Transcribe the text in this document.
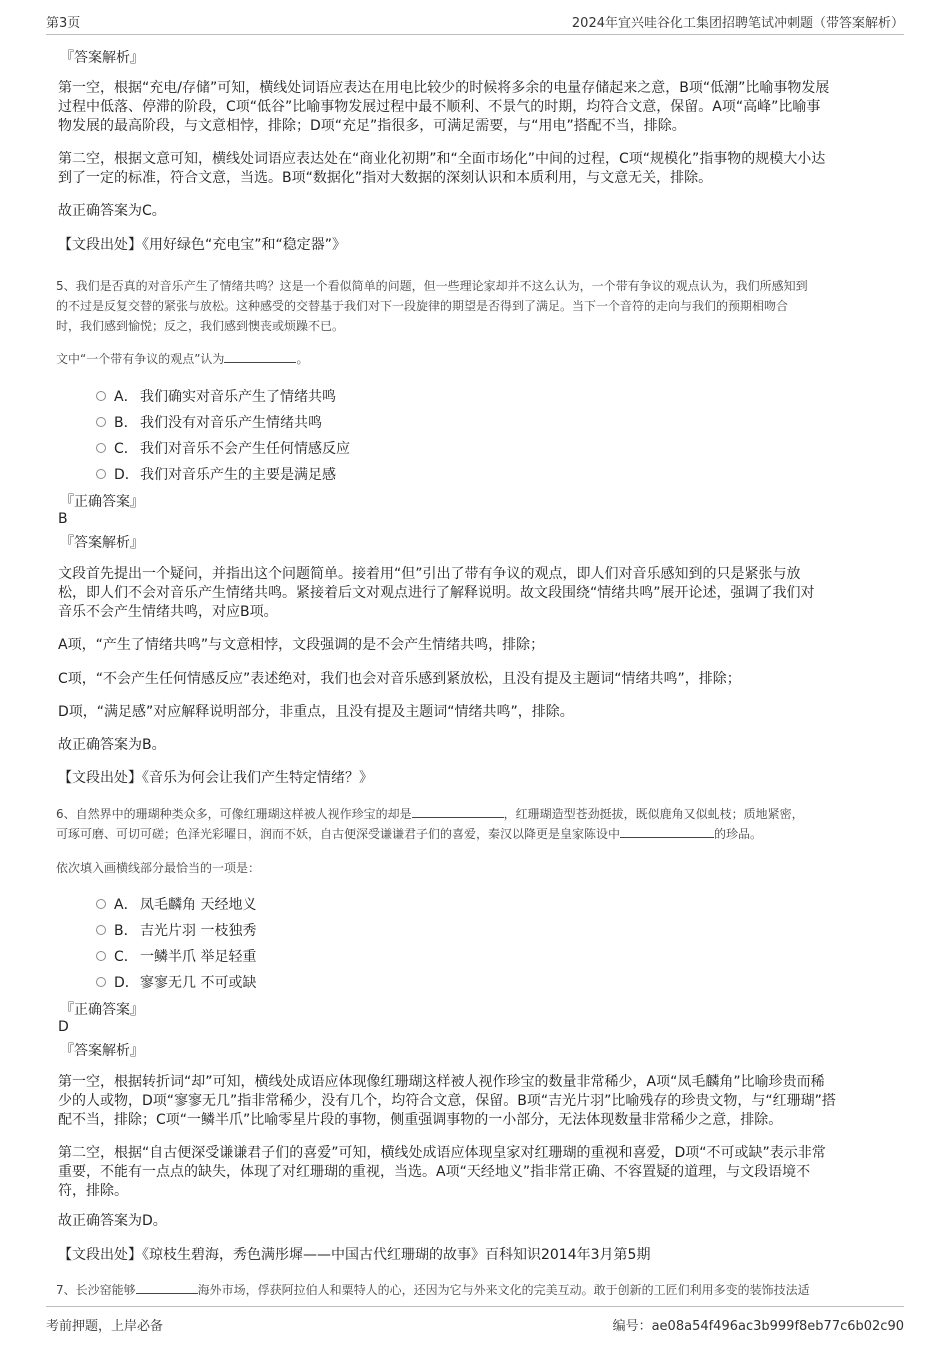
第3页	2024年宜兴哇谷化工集团招聘笔试冲刺题（带答案解析）
『答案解析』
第一空，根据“充电/存储”可知，横线处词语应表达在用电比较少的时候将多余的电量存储起来之意，B项“低潮”比喻事物发展
过程中低落、停滞的阶段，C项“低谷”比喻事物发展过程中最不顺利、不景气的时期，均符合文意，保留。A项“高峰”比喻事
物发展的最高阶段，与文意相悖，排除；D项“充足”指很多，可满足需要，与“用电”搭配不当，排除。
第二空，根据文意可知，横线处词语应表达处在“商业化初期”和“全面市场化”中间的过程，C项“规模化”指事物的规模大小达
到了一定的标准，符合文意，当选。B项“数据化”指对大数据的深刻认识和本质利用，与文意无关，排除。
故正确答案为C。
【文段出处】《用好绿色“充电宝”和“稳定器”》
5、我们是否真的对音乐产生了情绪共鸣？这是一个看似简单的问题，但一些理论家却并不这么认为，一个带有争议的观点认为，我们所感知到
的不过是反复交替的紧张与放松。这种感受的交替基于我们对下一段旋律的期望是否得到了满足。当下一个音符的走向与我们的预期相吻合
时，我们感到愉悦；反之，我们感到懊丧或烦躁不已。
文中“一个带有争议的观点”认为	。
A． 我们确实对音乐产生了情绪共鸣
B． 我们没有对音乐产生情绪共鸣
C． 我们对音乐不会产生任何情感反应
D．我们对音乐产生的主要是满足感
『正确答案』
B
『答案解析』
文段首先提出一个疑问，并指出这个问题简单。接着用“但”引出了带有争议的观点，即人们对音乐感知到的只是紧张与放
松，即人们不会对音乐产生情绪共鸣。紧接着后文对观点进行了解释说明。故文段围绕“情绪共鸣”展开论述，强调了我们对
音乐不会产生情绪共鸣，对应B项。
A项，“产生了情绪共鸣”与文意相悖，文段强调的是不会产生情绪共鸣，排除；
C项，“不会产生任何情感反应”表述绝对，我们也会对音乐感到紧放松，且没有提及主题词“情绪共鸣”，排除；
D项，“满足感”对应解释说明部分，非重点，且没有提及主题词“情绪共鸣”，排除。
故正确答案为B。
【文段出处】《音乐为何会让我们产生特定情绪？》
6、自然界中的珊瑚种类众多，可像红珊瑚这样被人视作珍宝的却是	，红珊瑚造型苍劲挺拔，既似鹿角又似虬枝；质地紧密，
可琢可磨、可切可磋；色泽光彩曜日，润而不妖，自古便深受谦谦君子们的喜爱，秦汉以降更是皇家陈设中	的珍品。
依次填入画横线部分最恰当的一项是：
A． 凤毛麟角 天经地义
B． 吉光片羽 一枝独秀
C． 一鳞半爪 举足轻重
D．寥寥无几 不可或缺
『正确答案』
D
『答案解析』
第一空，根据转折词“却”可知，横线处成语应体现像红珊瑚这样被人视作珍宝的数量非常稀少，A项“凤毛麟角”比喻珍贵而稀
少的人或物，D项“寥寥无几”指非常稀少，没有几个，均符合文意，保留。B项“吉光片羽”比喻残存的珍贵文物，与“红珊瑚”搭
配不当，排除；C项“一鳞半爪”比喻零星片段的事物，侧重强调事物的一小部分，无法体现数量非常稀少之意，排除。
第二空，根据“自古便深受谦谦君子们的喜爱”可知，横线处成语应体现皇家对红珊瑚的重视和喜爱，D项“不可或缺”表示非常
重要，不能有一点点的缺失，体现了对红珊瑚的重视，当选。A项“天经地义”指非常正确、不容置疑的道理，与文段语境不
符，排除。
故正确答案为D。
【文段出处】《琼枝生碧海，秀色满彤墀——中国古代红珊瑚的故事》百科知识2014年3月第5期
7、长沙窑能够	海外市场，俘获阿拉伯人和粟特人的心，还因为它与外来文化的完美互动。敢于创新的工匠们利用多变的装饰技法适
考前押题，上岸必备	编号：ae08a54f496ac3b999f8eb77c6b02c90
